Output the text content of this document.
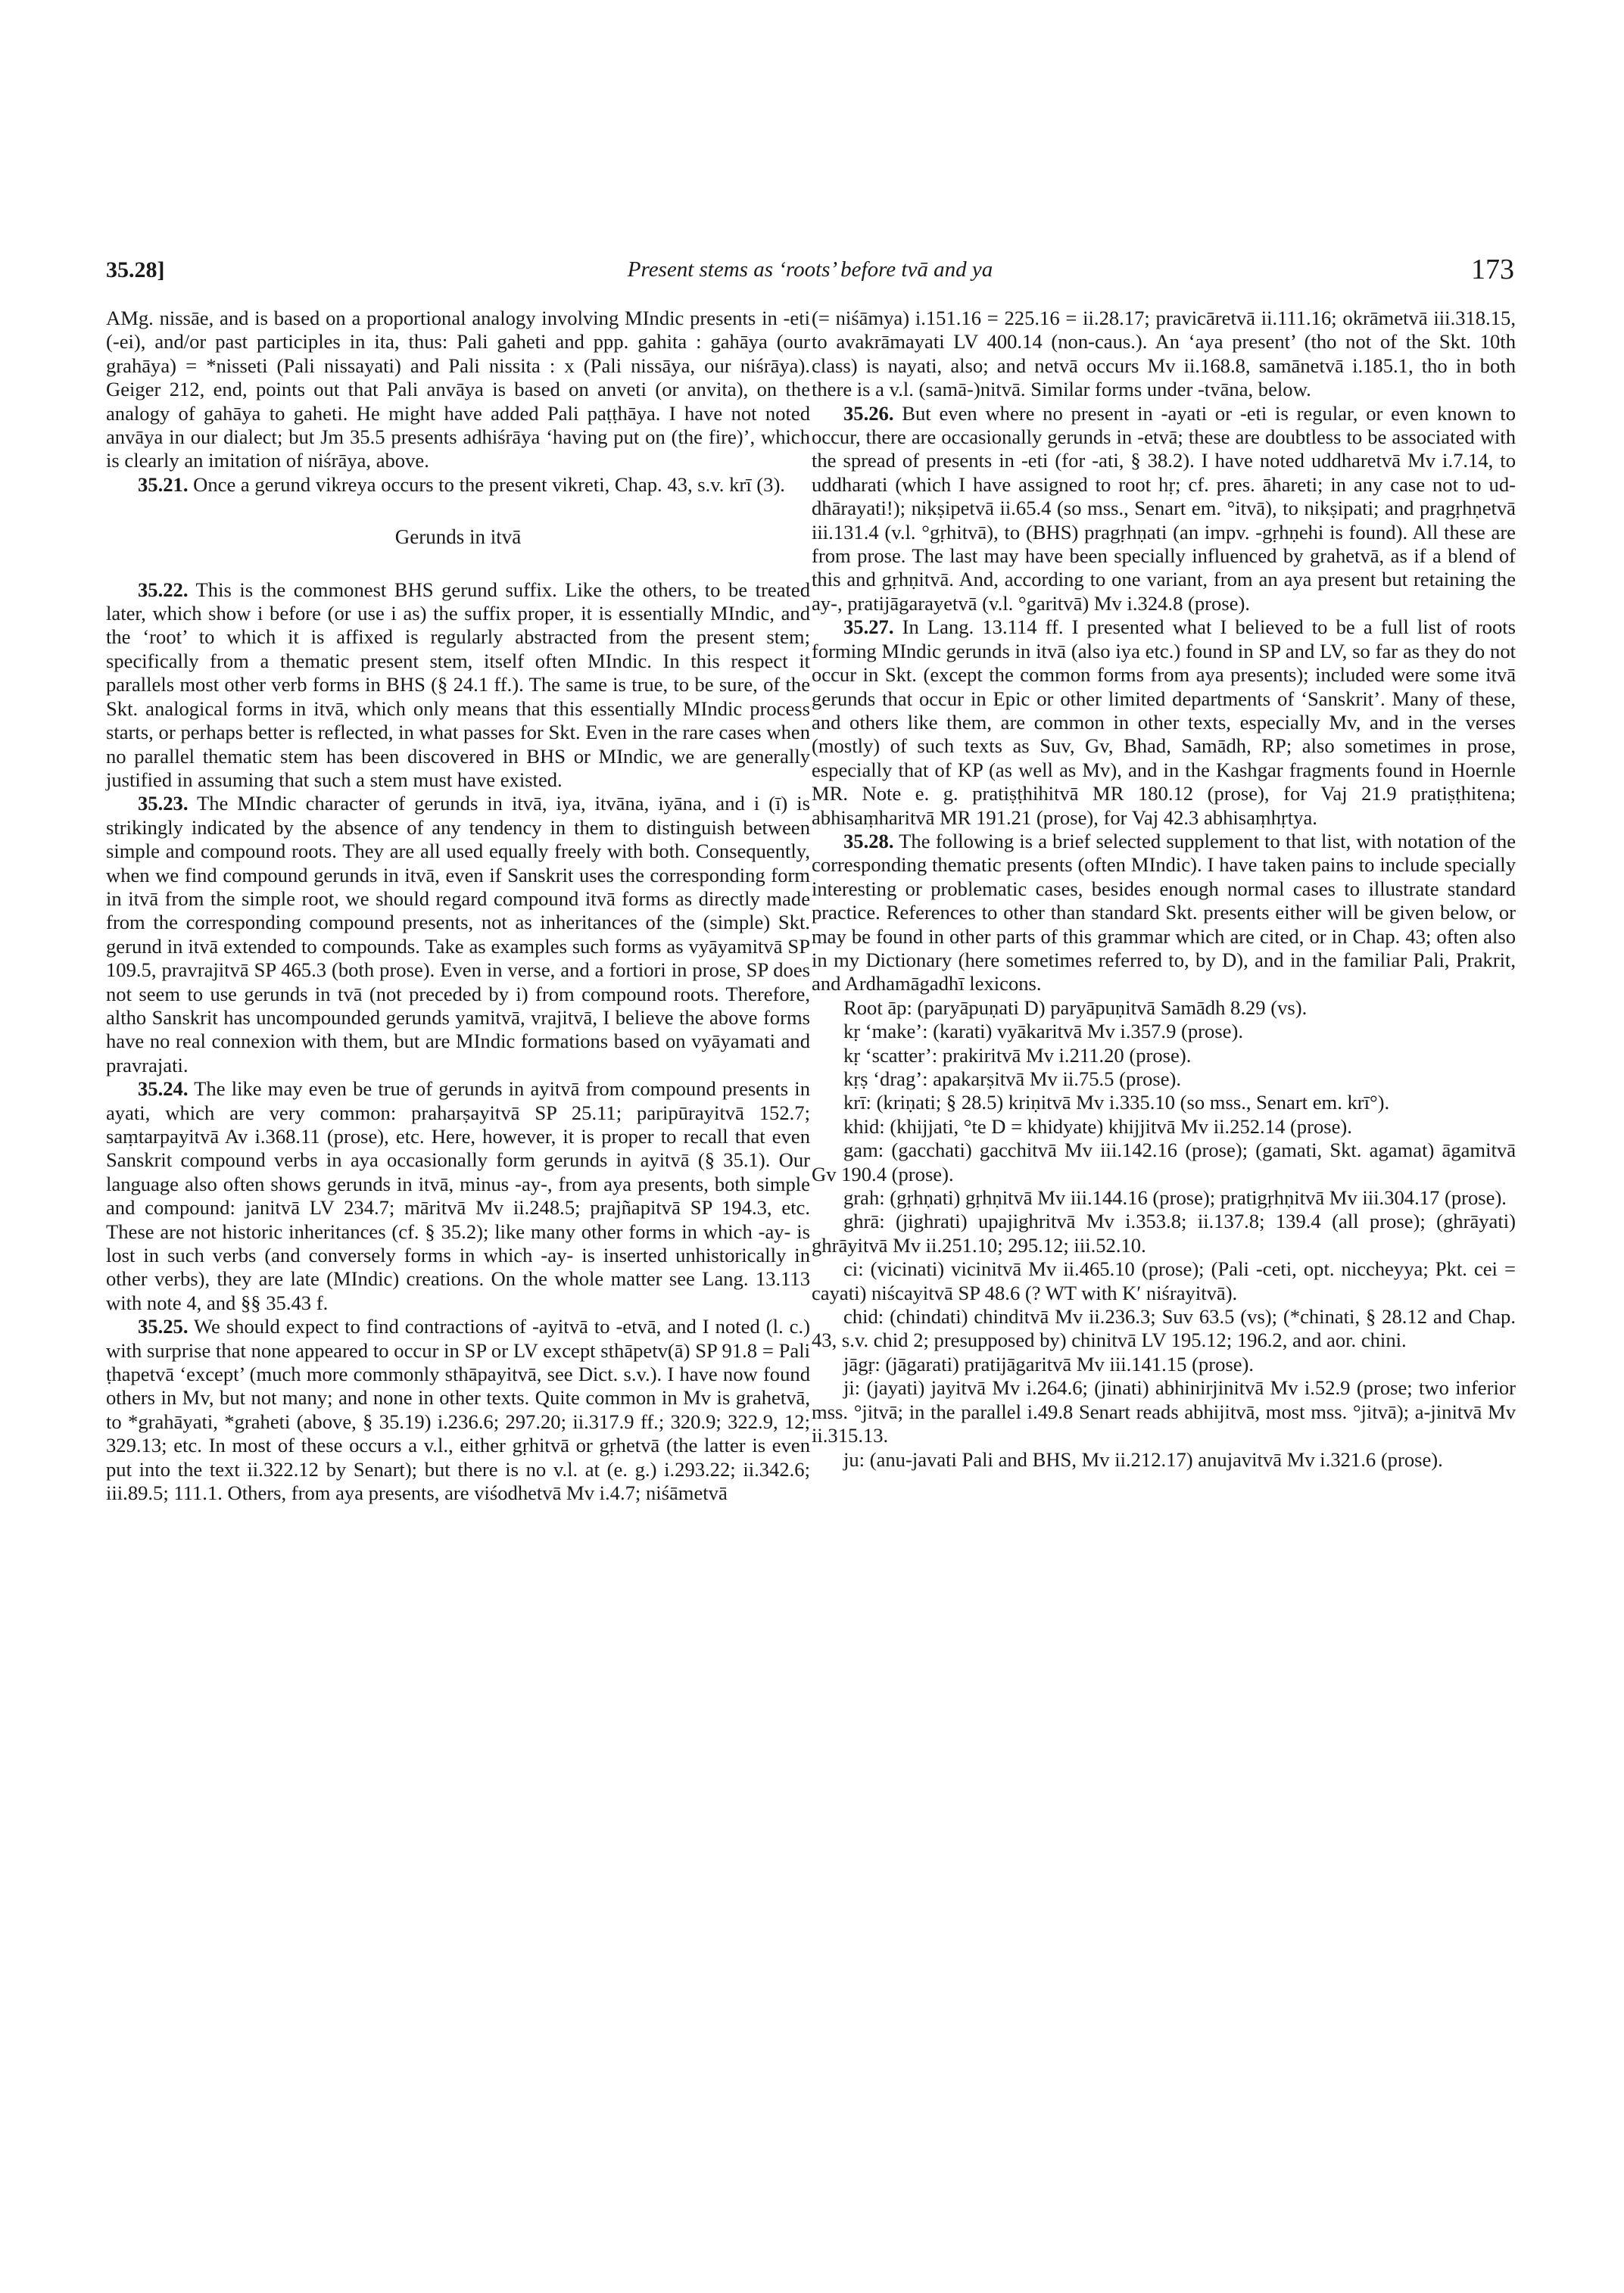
35.28]	Present stems as ‘roots’ before tvā and ya	173

AMg. nissāe, and is based on a proportional analogy involving MIndic presents in -eti (-ei), and/or past participles in ita, thus: Pali gaheti and ppp. gahita : gahāya (our grahāya) = *nisseti (Pali nissayati) and Pali nissita : x (Pali nissāya, our niśrāya). Geiger 212, end, points out that Pali anvāya is based on anveti (or anvita), on the analogy of gahāya to gaheti. He might have added Pali paṭṭhāya. I have not noted anvāya in our dialect; but Jm 35.5 presents adhiśrāya ‘having put on (the fire)’, which is clearly an imitation of niśrāya, above.

35.21. Once a gerund vikreya occurs to the present vikreti, Chap. 43, s.v. krī (3).

Gerunds in itvā

35.22. This is the commonest BHS gerund suffix. Like the others, to be treated later, which show i before (or use i as) the suffix proper, it is essentially MIndic, and the ‘root’ to which it is affixed is regularly abstracted from the present stem; specifically from a thematic present stem, itself often MIndic. In this respect it parallels most other verb forms in BHS (§ 24.1 ff.). The same is true, to be sure, of the Skt. analogical forms in itvā, which only means that this essentially MIndic process starts, or perhaps better is reflected, in what passes for Skt. Even in the rare cases when no parallel thematic stem has been discovered in BHS or MIndic, we are generally justified in assuming that such a stem must have existed.

35.23. The MIndic character of gerunds in itvā, iya, itvāna, iyāna, and i (ī) is strikingly indicated by the absence of any tendency in them to distinguish between simple and compound roots. They are all used equally freely with both. Consequently, when we find compound gerunds in itvā, even if Sanskrit uses the corresponding form in itvā from the simple root, we should regard compound itvā forms as directly made from the corresponding compound presents, not as inheritances of the (simple) Skt. gerund in itvā extended to compounds. Take as examples such forms as vyāyamitvā SP 109.5, pravrajitvā SP 465.3 (both prose). Even in verse, and a fortiori in prose, SP does not seem to use gerunds in tvā (not preceded by i) from compound roots. Therefore, altho Sanskrit has uncompounded gerunds yamitvā, vrajitvā, I believe the above forms have no real connexion with them, but are MIndic formations based on vyāyamati and pravrajati.

35.24. The like may even be true of gerunds in ayitvā from compound presents in ayati, which are very common: praharṣayitvā SP 25.11; paripūrayitvā 152.7; saṃtarpayitvā Av i.368.11 (prose), etc. Here, however, it is proper to recall that even Sanskrit compound verbs in aya occasionally form gerunds in ayitvā (§ 35.1). Our language also often shows gerunds in itvā, minus -ay-, from aya presents, both simple and compound: janitvā LV 234.7; māritvā Mv ii.248.5; prajñapitvā SP 194.3, etc. These are not historic inheritances (cf. § 35.2); like many other forms in which -ay- is lost in such verbs (and conversely forms in which -ay- is inserted unhistorically in other verbs), they are late (MIndic) creations. On the whole matter see Lang. 13.113 with note 4, and §§ 35.43 f.

35.25. We should expect to find contractions of -ayitvā to -etvā, and I noted (l. c.) with surprise that none appeared to occur in SP or LV except sthāpetv(ā) SP 91.8 = Pali ṭhapetvā ‘except’ (much more commonly sthāpayitvā, see Dict. s.v.). I have now found others in Mv, but not many; and none in other texts. Quite common in Mv is grahetvā, to *grahāyati, *graheti (above, § 35.19) i.236.6; 297.20; ii.317.9 ff.; 320.9; 322.9, 12; 329.13; etc. In most of these occurs a v.l., either gṛhitvā or gṛhetvā (the latter is even put into the text ii.322.12 by Senart); but there is no v.l. at (e. g.) i.293.22; ii.342.6; iii.89.5; 111.1. Others, from aya presents, are viśodhetvā Mv i.4.7; niśāmetvā

(= niśāmya) i.151.16 = 225.16 = ii.28.17; pravicāretvā ii.111.16; okrāmetvā iii.318.15, to avakrāmayati LV 400.14 (non-caus.). An ‘aya present’ (tho not of the Skt. 10th class) is nayati, also; and netvā occurs Mv ii.168.8, samānetvā i.185.1, tho in both there is a v.l. (samā-)nitvā. Similar forms under -tvāna, below.

35.26. But even where no present in -ayati or -eti is regular, or even known to occur, there are occasionally gerunds in -etvā; these are doubtless to be associated with the spread of presents in -eti (for -ati, § 38.2). I have noted uddharetvā Mv i.7.14, to uddharati (which I have assigned to root hṛ; cf. pres. āhareti; in any case not to ud-dhārayati!); nikṣipetvā ii.65.4 (so mss., Senart em. °itvā), to nikṣipati; and pragṛhṇetvā iii.131.4 (v.l. °gṛhitvā), to (BHS) pragṛhṇati (an impv. -gṛhṇehi is found). All these are from prose. The last may have been specially influenced by grahetvā, as if a blend of this and gṛhṇitvā. And, according to one variant, from an aya present but retaining the ay-, pratijāgarayetvā (v.l. °garitvā) Mv i.324.8 (prose).

35.27. In Lang. 13.114 ff. I presented what I believed to be a full list of roots forming MIndic gerunds in itvā (also iya etc.) found in SP and LV, so far as they do not occur in Skt. (except the common forms from aya presents); included were some itvā gerunds that occur in Epic or other limited departments of ‘Sanskrit’. Many of these, and others like them, are common in other texts, especially Mv, and in the verses (mostly) of such texts as Suv, Gv, Bhad, Samādh, RP; also sometimes in prose, especially that of KP (as well as Mv), and in the Kashgar fragments found in Hoernle MR. Note e. g. pratiṣṭhihitvā MR 180.12 (prose), for Vaj 21.9 pratiṣṭhitena; abhisaṃharitvā MR 191.21 (prose), for Vaj 42.3 abhisaṃhṛtya.

35.28. The following is a brief selected supplement to that list, with notation of the corresponding thematic presents (often MIndic). I have taken pains to include specially interesting or problematic cases, besides enough normal cases to illustrate standard practice. References to other than standard Skt. presents either will be given below, or may be found in other parts of this grammar which are cited, or in Chap. 43; often also in my Dictionary (here sometimes referred to, by D), and in the familiar Pali, Prakrit, and Ardhamāgadhī lexicons.

Root āp: (paryāpuṇati D) paryāpuṇitvā Samādh 8.29 (vs).

kṛ ‘make’: (karati) vyākaritvā Mv i.357.9 (prose).

kṛ ‘scatter’: prakiritvā Mv i.211.20 (prose).

kṛṣ ‘drag’: apakarṣitvā Mv ii.75.5 (prose).

krī: (kriṇati; § 28.5) kriṇitvā Mv i.335.10 (so mss., Senart em. krī°).

khid: (khijjati, °te D = khidyate) khijjitvā Mv ii.252.14 (prose).

gam: (gacchati) gacchitvā Mv iii.142.16 (prose); (gamati, Skt. agamat) āgamitvā Gv 190.4 (prose).

grah: (gṛhṇati) gṛhṇitvā Mv iii.144.16 (prose); pratigṛhṇitvā Mv iii.304.17 (prose).

ghrā: (jighrati) upajighritvā Mv i.353.8; ii.137.8; 139.4 (all prose); (ghrāyati) ghrāyitvā Mv ii.251.10; 295.12; iii.52.10.

ci: (vicinati) vicinitvā Mv ii.465.10 (prose); (Pali -ceti, opt. niccheyya; Pkt. cei = cayati) niścayitvā SP 48.6 (? WT with K′ niśrayitvā).

chid: (chindati) chinditvā Mv ii.236.3; Suv 63.5 (vs); (*chinati, § 28.12 and Chap. 43, s.v. chid 2; presupposed by) chinitvā LV 195.12; 196.2, and aor. chini.

jāgṛ: (jāgarati) pratijāgaritvā Mv iii.141.15 (prose).

ji: (jayati) jayitvā Mv i.264.6; (jinati) abhinirjinitvā Mv i.52.9 (prose; two inferior mss. °jitvā; in the parallel i.49.8 Senart reads abhijitvā, most mss. °jitvā); a-jinitvā Mv ii.315.13.

ju: (anu-javati Pali and BHS, Mv ii.212.17) anujavitvā Mv i.321.6 (prose).
